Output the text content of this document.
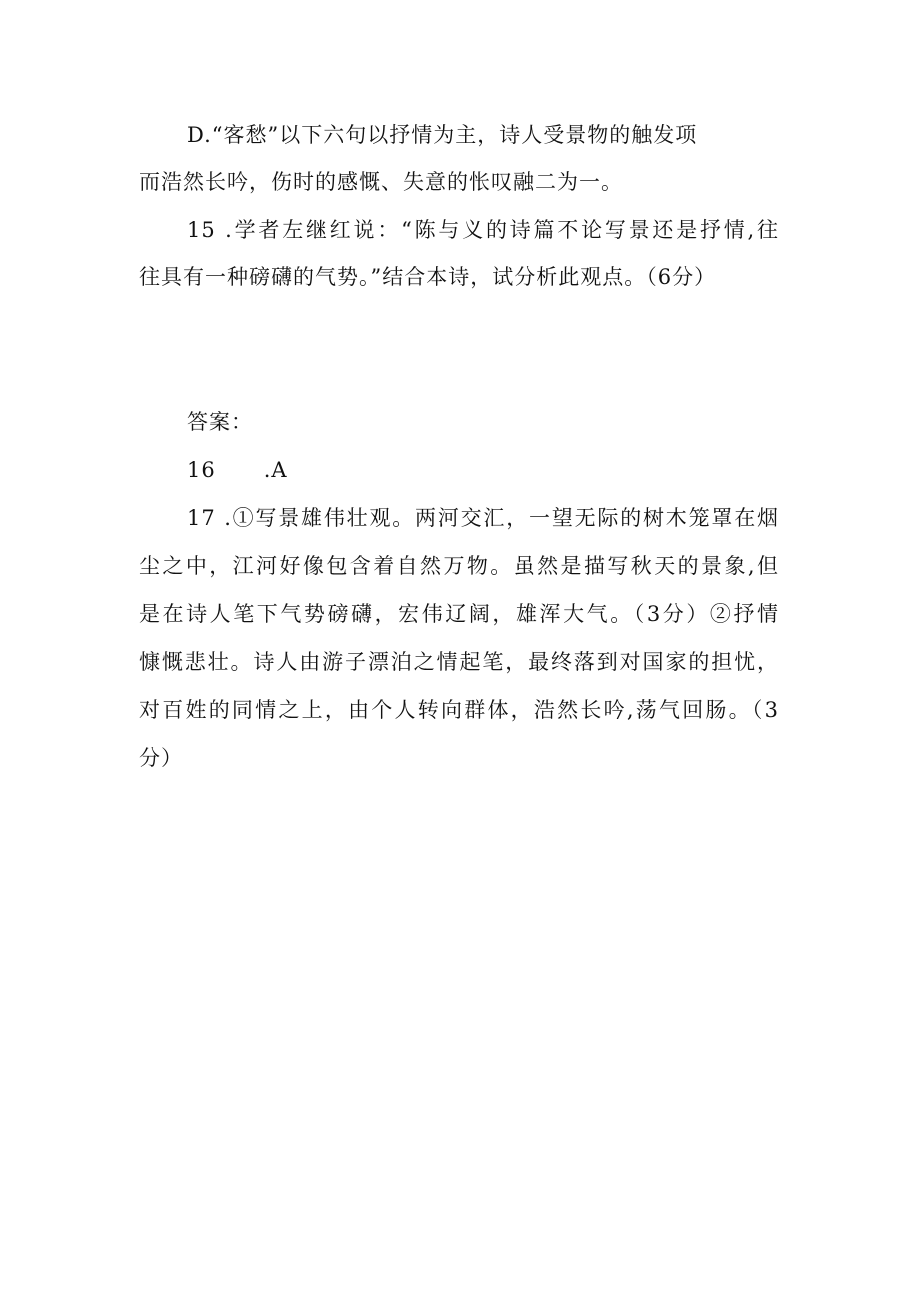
D.“客愁”以下六句以抒情为主，诗人受景物的触发项
而浩然长吟，伤时的感慨、失意的怅叹融二为一。
15 .学者左继红说：“陈与义的诗篇不论写景还是抒情,往
往具有一种磅礴的气势。”结合本诗，试分析此观点。（6分）
答案：
16 .A
17 .①写景雄伟壮观。两河交汇，一望无际的树木笼罩在烟
尘之中，江河好像包含着自然万物。虽然是描写秋天的景象,但
是在诗人笔下气势磅礴，宏伟辽阔，雄浑大气。（3分）②抒情
慷慨悲壮。诗人由游子漂泊之情起笔，最终落到对国家的担忧，
对百姓的同情之上，由个人转向群体，浩然长吟,荡气回肠。（3
分）
